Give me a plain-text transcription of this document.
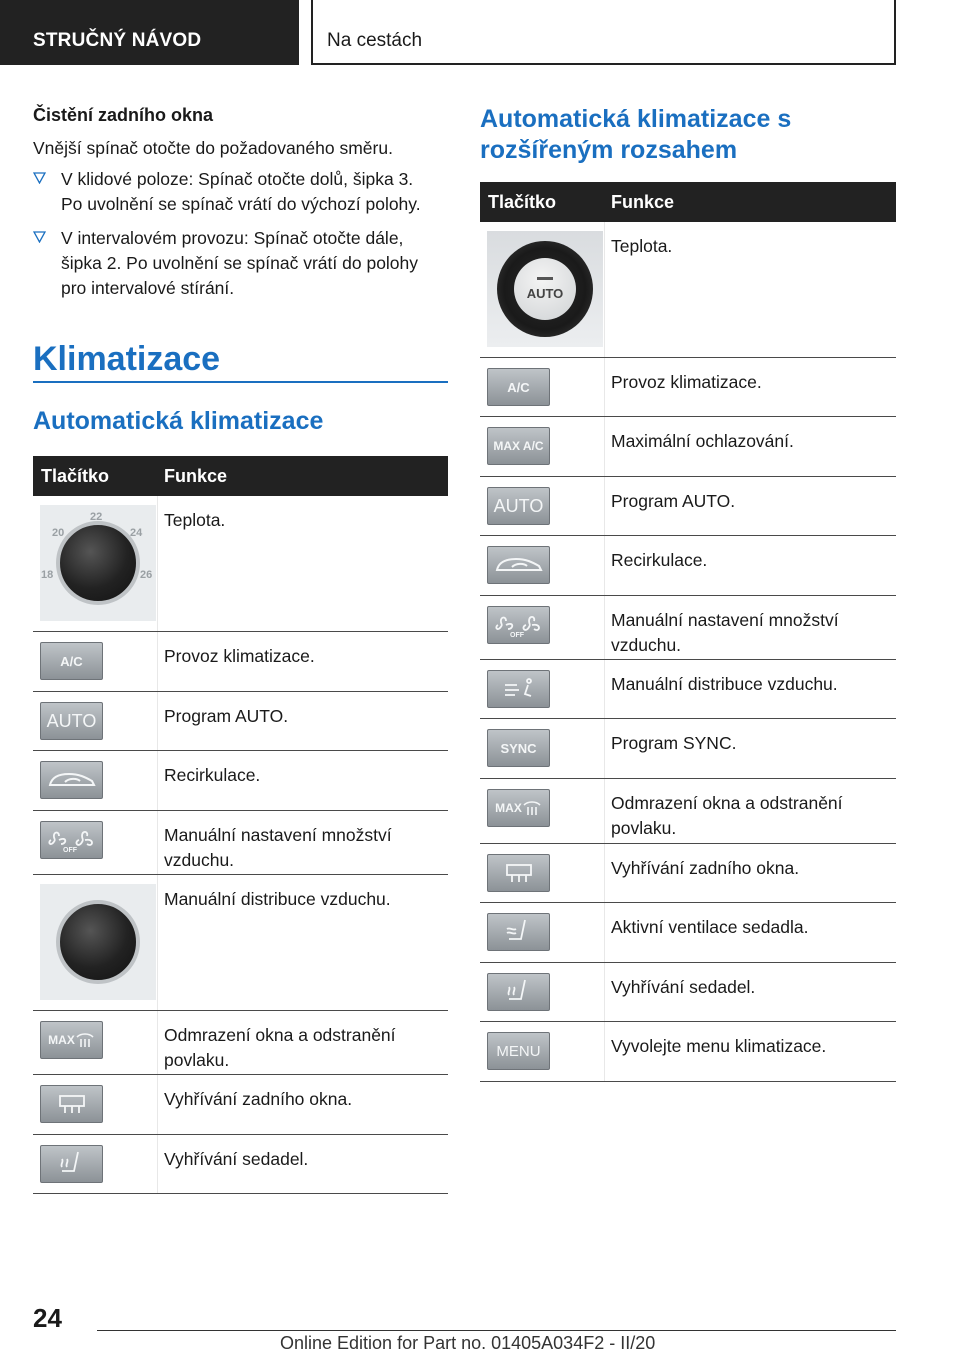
STRUČNÝ NÁVOD	Na cestách
Čistění zadního okna
Vnější spínač otočte do požadovaného směru.
V klidové poloze: Spínač otočte dolů, šipka 3.
Po uvolnění se spínač vrátí do výchozí polohy.
V intervalovém provozu: Spínač otočte dále,
šipka 2. Po uvolnění se spínač vrátí do polohy
pro intervalové stírání.
Klimatizace
Automatická klimatizace
Tlačítko	Funkce
20
22
24
18	26
Teplota.
A/C	Provoz klimatizace.
AUTO	Program AUTO.
Recirkulace.
OFF
Manuální nastavení množství
vzduchu.
Manuální distribuce vzduchu.
MAX	Odmrazení okna a odstranění
povlaku.
Vyhřívání zadního okna.
Vyhřívání sedadel.
Automatická klimatizace s
rozšířeným rozsahem
Tlačítko	Funkce
AUTO
Teplota.
A/C	Provoz klimatizace.
MAX A/C	Maximální ochlazování.
AUTO	Program AUTO.
Recirkulace.
OFF
Manuální nastavení množství
vzduchu.
Manuální distribuce vzduchu.
SYNC	Program SYNC.
MAX	Odmrazení okna a odstranění
povlaku.
Vyhřívání zadního okna.
Aktivní ventilace sedadla.
Vyhřívání sedadel.
MENU	Vyvolejte menu klimatizace.
24
Online Edition for Part no. 01405A034F2 - II/20
